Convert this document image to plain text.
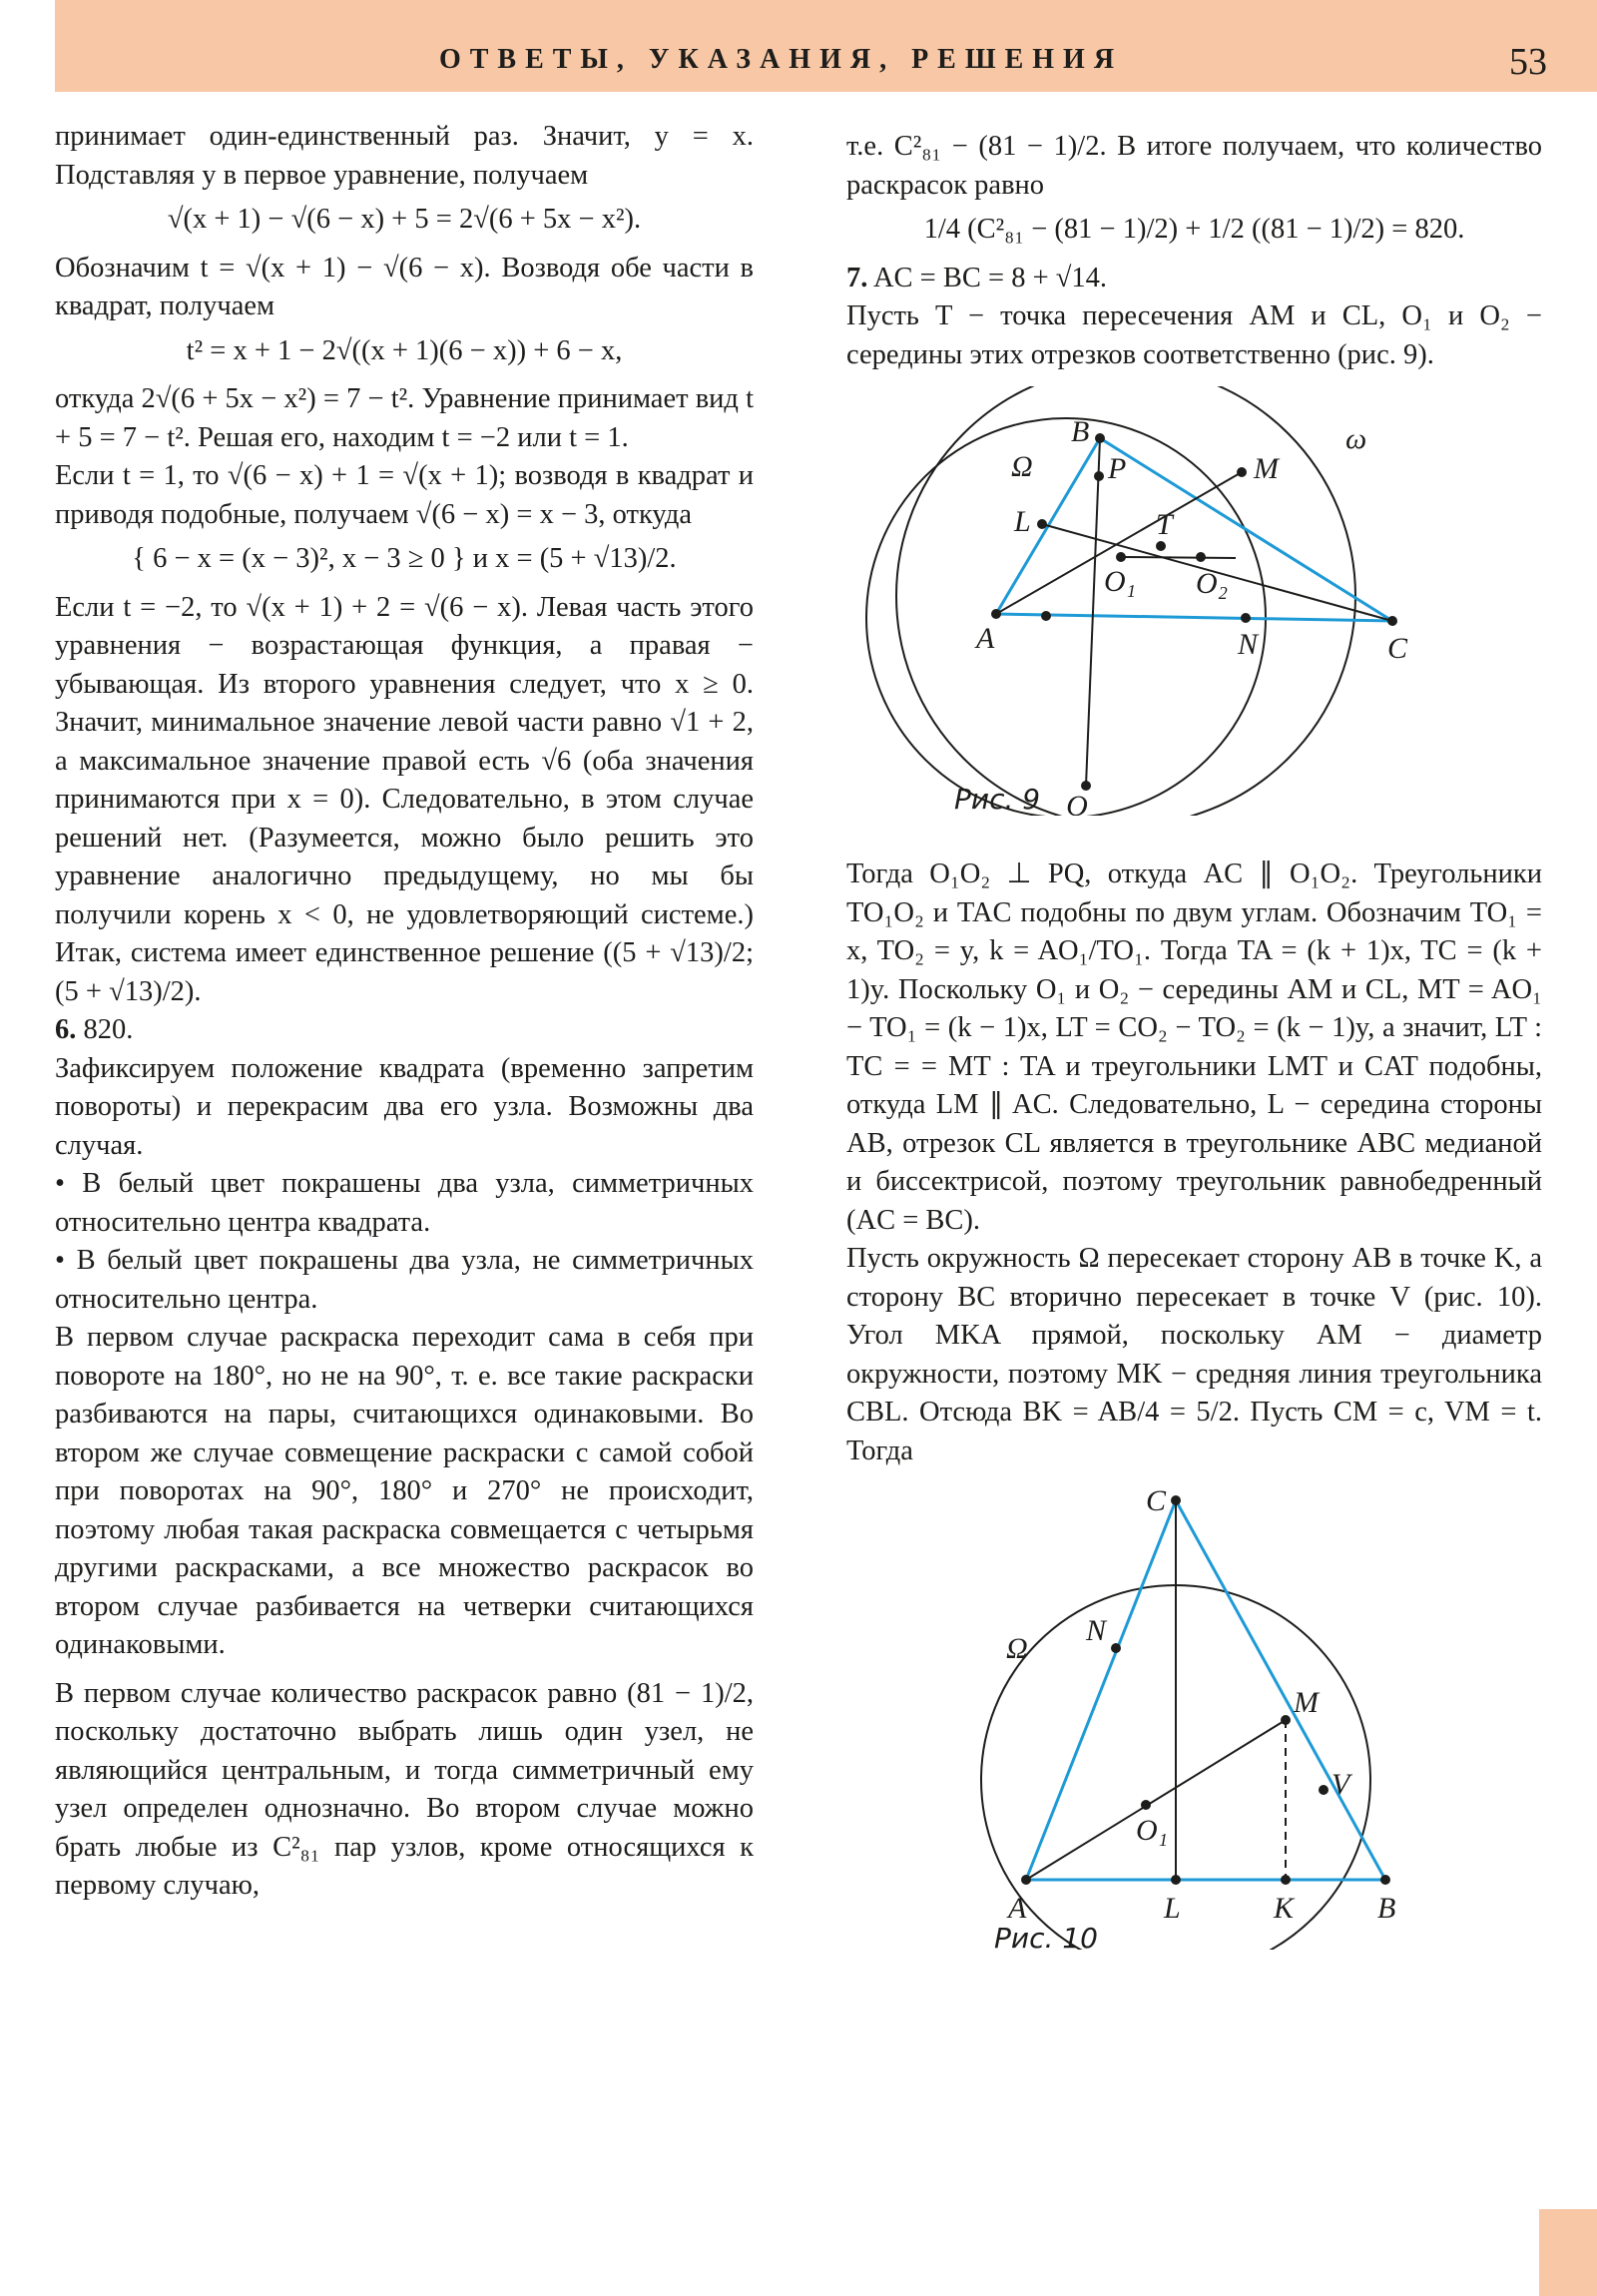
ОТВЕТЫ, УКАЗАНИЯ, РЕШЕНИЯ	53

принимает один-единственный раз. Значит, y = x. Подставляя y в первое уравнение, получаем

√(x + 1) − √(6 − x) + 5 = 2√(6 + 5x − x²).

Обозначим t = √(x + 1) − √(6 − x). Возводя обе части в квадрат, получаем

t² = x + 1 − 2√((x + 1)(6 − x)) + 6 − x,

откуда 2√(6 + 5x − x²) = 7 − t². Уравнение принимает вид t + 5 = 7 − t². Решая его, находим t = −2 или t = 1.

Если t = 1, то √(6 − x) + 1 = √(x + 1); возводя в квадрат и приводя подобные, получаем √(6 − x) = x − 3, откуда

{ 6 − x = (x − 3)², x − 3 ≥ 0 } и x = (5 + √13)/2.

Если t = −2, то √(x + 1) + 2 = √(6 − x). Левая часть этого уравнения − возрастающая функция, а правая − убывающая. Из второго уравнения следует, что x ≥ 0. Значит, минимальное значение левой части равно √1 + 2, а максимальное значение правой есть √6 (оба значения принимаются при x = 0). Следовательно, в этом случае решений нет. (Разумеется, можно было решить это уравнение аналогично предыдущему, но мы бы получили корень x < 0, не удовлетворяющий системе.) Итак, система имеет единственное решение ((5 + √13)/2; (5 + √13)/2).

6. 820.

Зафиксируем положение квадрата (временно запретим повороты) и перекрасим два его узла. Возможны два случая.

• В белый цвет покрашены два узла, симметричных относительно центра квадрата.

• В белый цвет покрашены два узла, не симметричных относительно центра.

В первом случае раскраска переходит сама в себя при повороте на 180°, но не на 90°, т. е. все такие раскраски разбиваются на пары, считающихся одинаковыми. Во втором же случае совмещение раскраски с самой собой при поворотах на 90°, 180° и 270° не происходит, поэтому любая такая раскраска совмещается с четырьмя другими раскрасками, а все множество раскрасок во втором случае разбивается на четверки считающихся одинаковыми.

В первом случае количество раскрасок равно (81 − 1)/2, поскольку достаточно выбрать лишь один узел, не являющийся центральным, и тогда симметричный ему узел определен однозначно. Во втором случае можно брать любые из C²₈₁ пар узлов, кроме относящихся к первому случаю,

т.е. C²₈₁ − (81 − 1)/2. В итоге получаем, что количество раскрасок равно

1/4 (C²₈₁ − (81 − 1)/2) + 1/2 ((81 − 1)/2) = 820.

7. AC = BC = 8 + √14.

Пусть T − точка пересечения AM и CL, O₁ и O₂ − середины этих отрезков соответственно (рис. 9).

B
P
Ω
ω
L
M
T
O₁ O₂
A	N	C
Q
Рис. 9

Тогда O₁O₂ ⊥ PQ, откуда AC ∥ O₁O₂. Треугольники TO₁O₂ и TAC подобны по двум углам. Обозначим TO₁ = x, TO₂ = y, k = AO₁/TO₁. Тогда TA = (k + 1)x, TC = (k + 1)y. Поскольку O₁ и O₂ − середины AM и CL, MT = AO₁ − TO₁ = (k − 1)x, LT = CO₂ − TO₂ = (k − 1)y, а значит, LT : TC = = MT : TA и треугольники LMT и CAT подобны, откуда LM ∥ AC. Следовательно, L − середина стороны AB, отрезок CL является в треугольнике ABC медианой и биссектрисой, поэтому треугольник равнобедренный (AC = BC).

Пусть окружность Ω пересекает сторону AB в точке K, а сторону BC вторично пересекает в точке V (рис. 10). Угол MKA прямой, поскольку AM − диаметр окружности, поэтому MK − средняя линия треугольника CBL. Отсюда BK = AB/4 = 5/2. Пусть CM = c, VM = t. Тогда

C
N
Ω
M
V
O₁
A	L	K	B
Рис. 10
